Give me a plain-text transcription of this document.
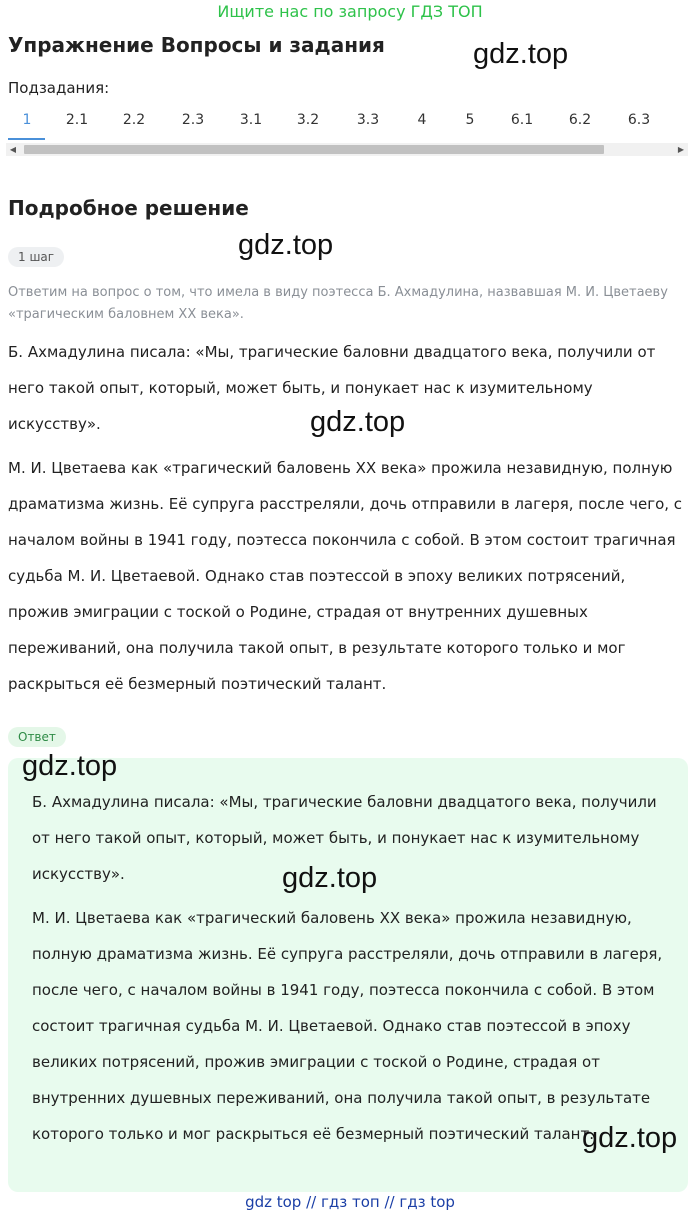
Ищите нас по запросу ГДЗ ТОП
Упражнение Вопросы и задания	gdz.top
Подзадания:
1	2.1	2.2	2.3	3.1	3.2	3.3	4	5	6.1	6.2	6.3
◀	▶
Подробное решение
1 шаг	gdz.top
Ответим на вопрос о том, что имела в виду поэтесса Б. Ахмадулина, назвавшая М. И. Цветаеву «трагическим баловнем XX века».
Б. Ахмадулина писала: «Мы, трагические баловни двадцатого века, получили от него такой опыт, который, может быть, и понукает нас к изумительному искусству».	gdz.top
М. И. Цветаева как «трагический баловень XX века» прожила незавидную, полную драматизма жизнь. Её супруга расстреляли, дочь отправили в лагеря, после чего, с началом войны в 1941 году, поэтесса покончила с собой. В этом состоит трагичная судьба М. И. Цветаевой. Однако став поэтессой в эпоху великих потрясений, прожив эмиграции с тоской о Родине, страдая от внутренних душевных переживаний, она получила такой опыт, в результате которого только и мог раскрыться её безмерный поэтический талант.
Ответ
gdz.top
Б. Ахмадулина писала: «Мы, трагические баловни двадцатого века, получили от него такой опыт, который, может быть, и понукает нас к изумительному искусству».	gdz.top
М. И. Цветаева как «трагический баловень XX века» прожила незавидную, полную драматизма жизнь. Её супруга расстреляли, дочь отправили в лагеря, после чего, с началом войны в 1941 году, поэтесса покончила с собой. В этом состоит трагичная судьба М. И. Цветаевой. Однако став поэтессой в эпоху великих потрясений, прожив эмиграции с тоской о Родине, страдая от внутренних душевных переживаний, она получила такой опыт, в результате которого только и мог раскрыться её безмерный поэтический талант.
gdz.top
gdz top // гдз топ // гдз top
